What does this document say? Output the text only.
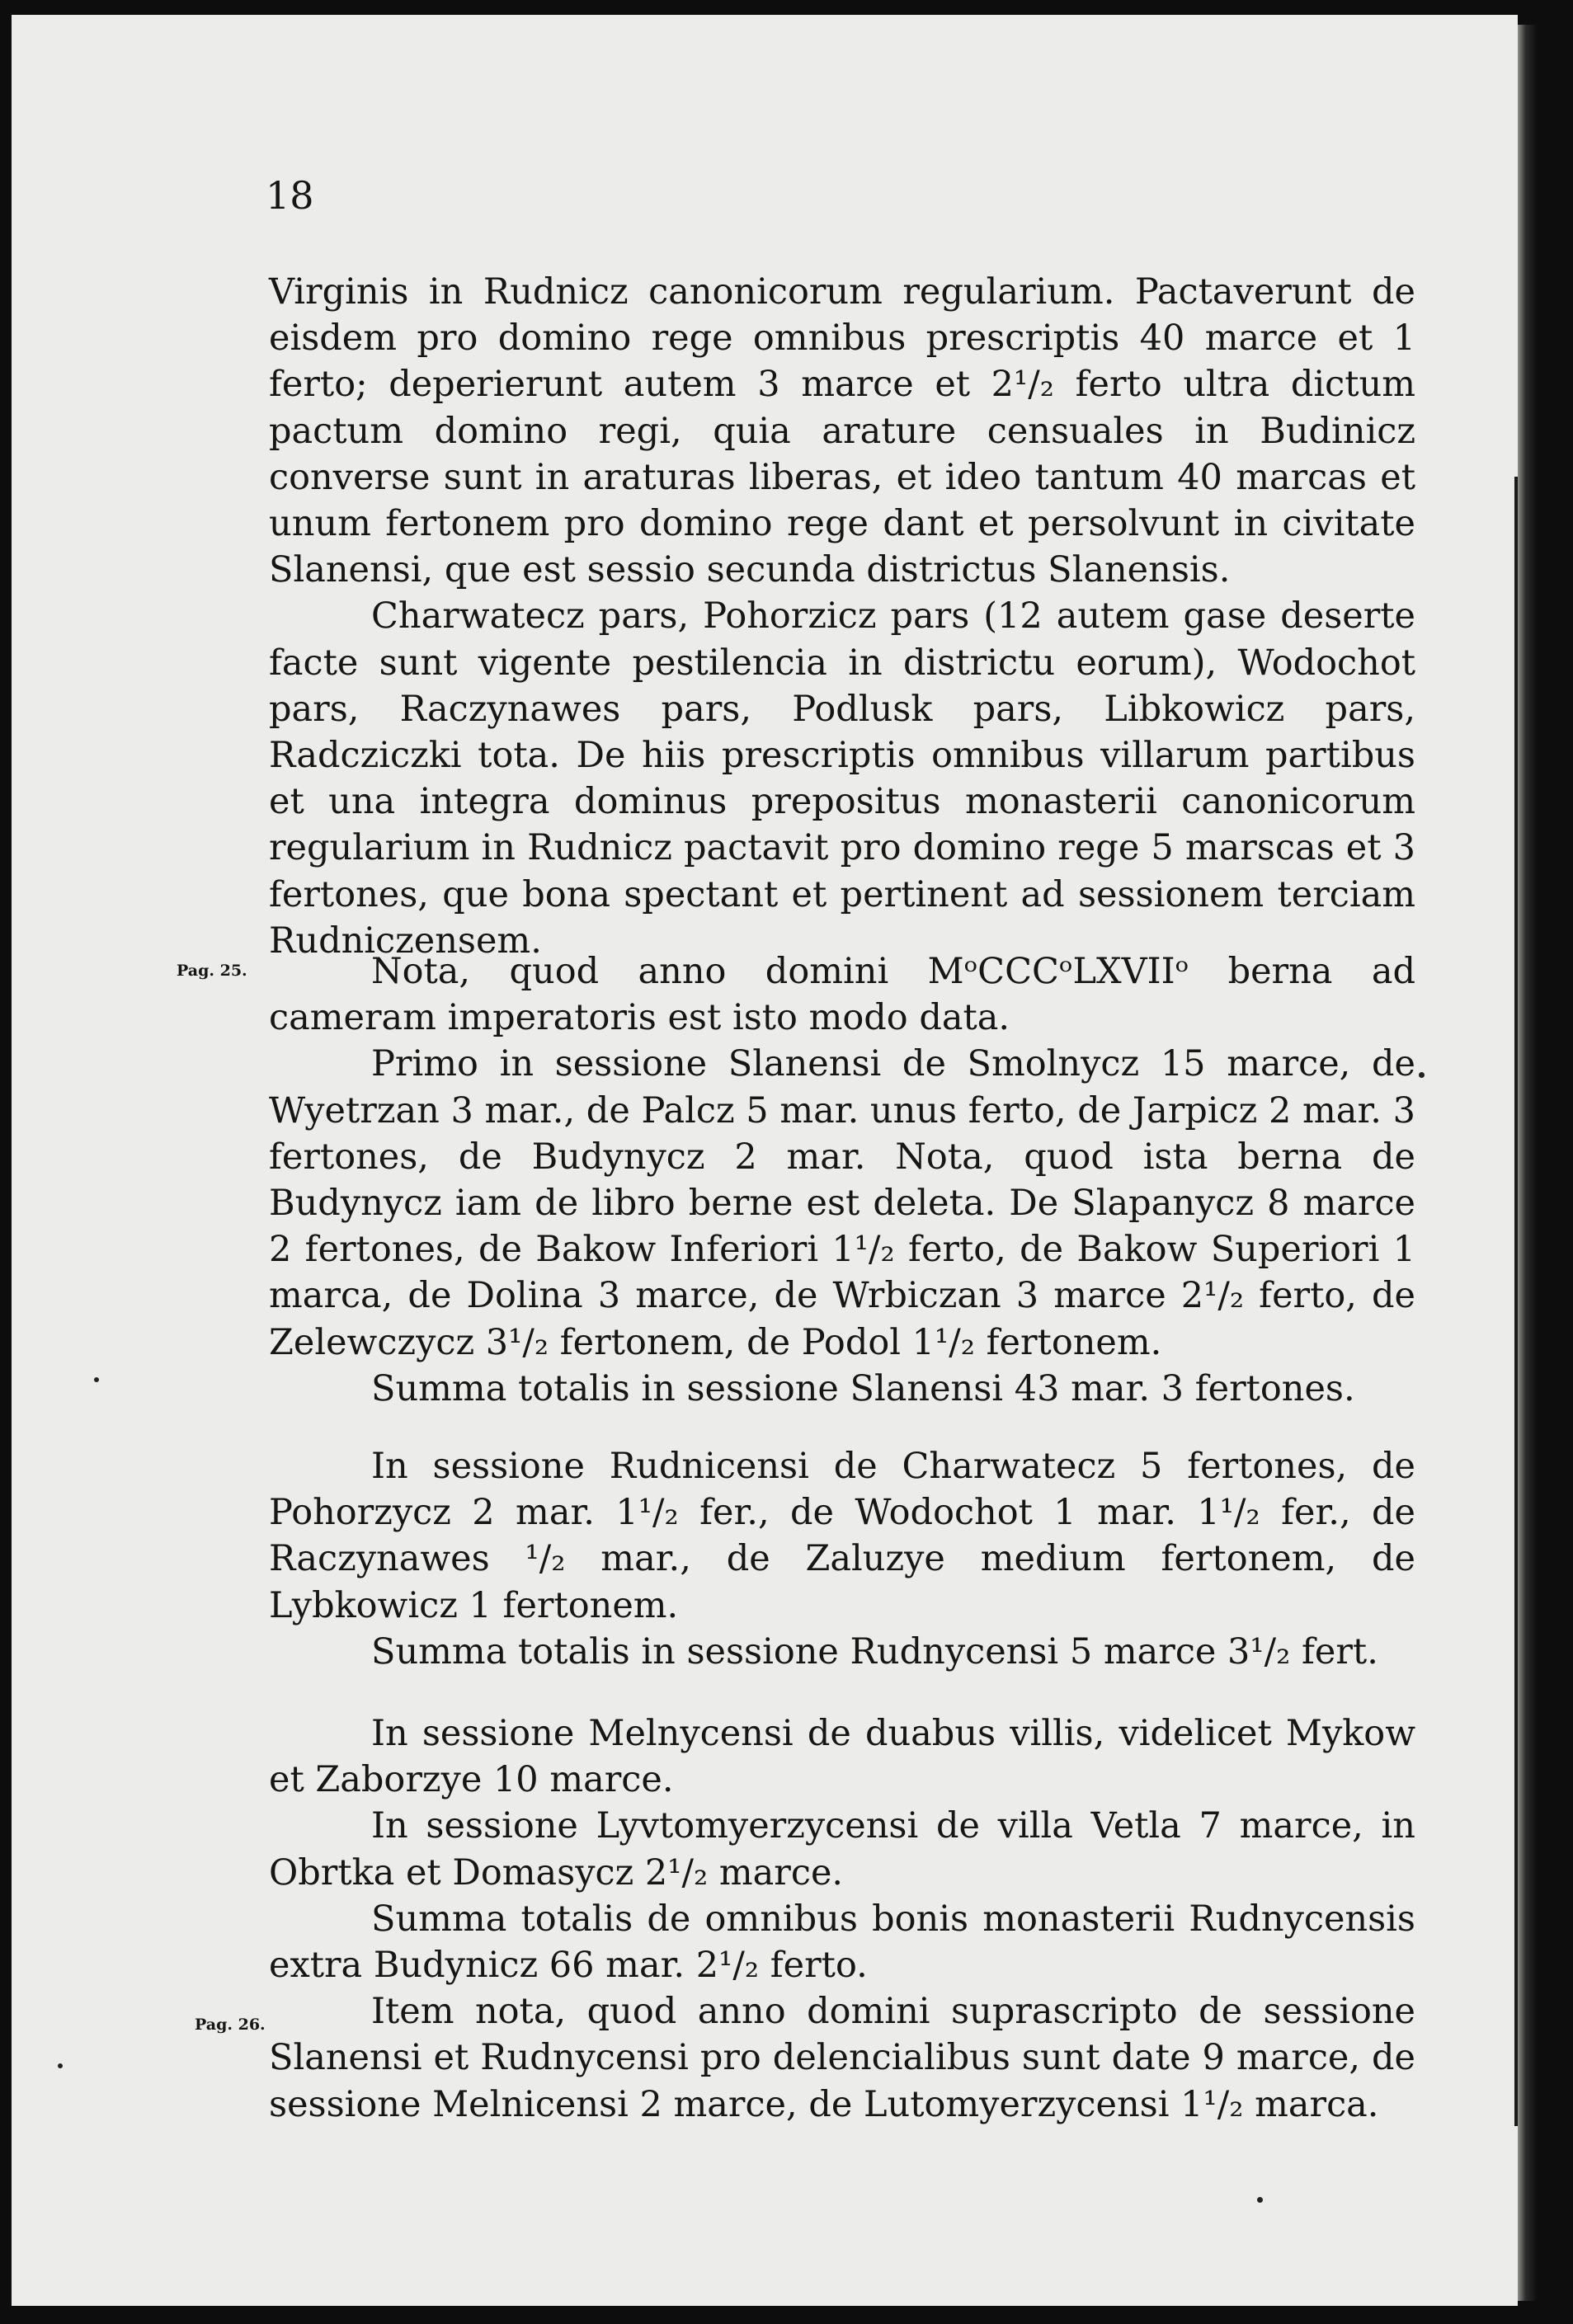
18

Virginis in Rudnicz canonicorum regularium. Pactaverunt de eisdem pro domino rege omnibus prescriptis 40 marce et 1 ferto; deperierunt autem 3 marce et 2¹/₂ ferto ultra dictum pactum domino regi, quia arature censuales in Budinicz converse sunt in araturas liberas, et ideo tantum 40 marcas et unum fertonem pro domino rege dant et persolvunt in civitate Slanensi, que est sessio secunda districtus Slanensis.

Charwatecz pars, Pohorzicz pars (12 autem gase deserte facte sunt vigente pestilencia in districtu eorum), Wodochot pars, Raczynawes pars, Podlusk pars, Libkowicz pars, Radcziczki tota. De hiis prescriptis omnibus villarum partibus et una integra dominus prepositus monasterii canonicorum regularium in Rudnicz pactavit pro domino rege 5 marscas et 3 fertones, que bona spectant et pertinent ad sessionem terciam Rudniczensem.

Pag. 25.	Nota, quod anno domini MᵒCCCᵒLXVIIᵒ berna ad cameram imperatoris est isto modo data.

Primo in sessione Slanensi de Smolnycz 15 marce, de Wyetrzan 3 mar., de Palcz 5 mar. unus ferto, de Jarpicz 2 mar. 3 fertones, de Budynycz 2 mar. Nota, quod ista berna de Budynycz iam de libro berne est deleta. De Slapanycz 8 marce 2 fertones, de Bakow Inferiori 1¹/₂ ferto, de Bakow Superiori 1 marca, de Dolina 3 marce, de Wrbiczan 3 marce 2¹/₂ ferto, de Zelewczycz 3¹/₂ fertonem, de Podol 1¹/₂ fertonem.

Summa totalis in sessione Slanensi 43 mar. 3 fertones.

In sessione Rudnicensi de Charwatecz 5 fertones, de Pohorzycz 2 mar. 1¹/₂ fer., de Wodochot 1 mar. 1¹/₂ fer., de Raczynawes ¹/₂ mar., de Zaluzye medium fertonem, de Lybkowicz 1 fertonem.

Summa totalis in sessione Rudnycensi 5 marce 3¹/₂ fert.

In sessione Melnycensi de duabus villis, videlicet Mykow et Zaborzye 10 marce.

In sessione Lyvtomyerzycensi de villa Vetla 7 marce, in Obrtka et Domasycz 2¹/₂ marce.

Summa totalis de omnibus bonis monasterii Rudnycensis extra Budynicz 66 mar. 2¹/₂ ferto.

Item nota, quod anno domini suprascripto de sessione Slanensi et Rudnycensi pro delencialibus sunt date 9 marce, de sessione Melnicensi 2 marce, de Lutomyerzycensi 1¹/₂ marca.

Pag. 26.
